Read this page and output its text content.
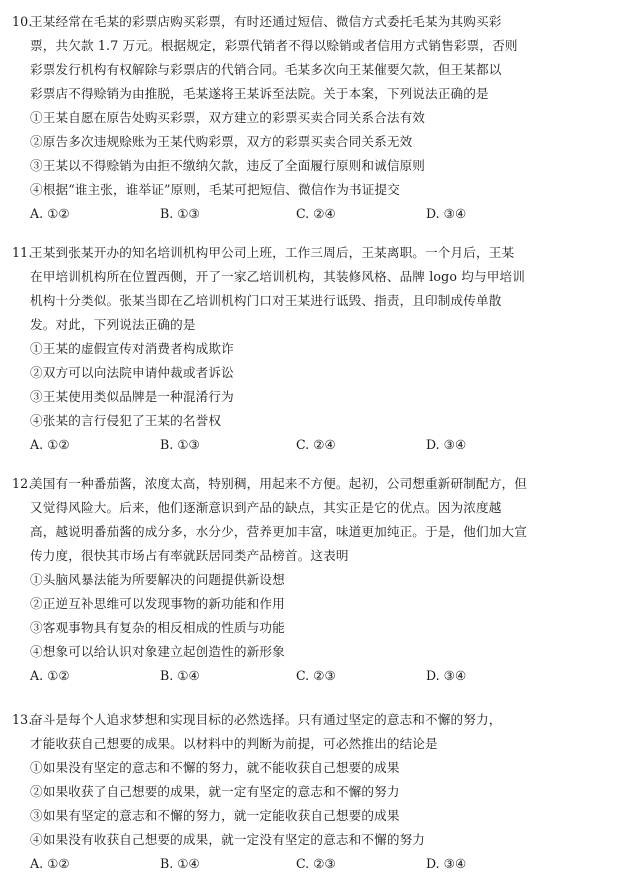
10.王某经常在毛某的彩票店购买彩票，有时还通过短信、微信方式委托毛某为其购买彩
票，共欠款 1.7 万元。根据规定，彩票代销者不得以赊销或者信用方式销售彩票，否则
彩票发行机构有权解除与彩票店的代销合同。毛某多次向王某催要欠款，但王某都以
彩票店不得赊销为由推脱，毛某遂将王某诉至法院。关于本案，下列说法正确的是
①王某自愿在原告处购买彩票，双方建立的彩票买卖合同关系合法有效
②原告多次违规赊账为王某代购彩票，双方的彩票买卖合同关系无效
③王某以不得赊销为由拒不缴纳欠款，违反了全面履行原则和诚信原则
④根据“谁主张，谁举证”原则，毛某可把短信、微信作为书证提交
A. ①②	B. ①③	C. ②④	D. ③④
11.王某到张某开办的知名培训机构甲公司上班，工作三周后，王某离职。一个月后，王某
在甲培训机构所在位置西侧，开了一家乙培训机构，其装修风格、品牌 logo 均与甲培训
机构十分类似。张某当即在乙培训机构门口对王某进行诋毁、指责，且印制成传单散
发。对此，下列说法正确的是
①王某的虚假宣传对消费者构成欺诈
②双方可以向法院申请仲裁或者诉讼
③王某使用类似品牌是一种混淆行为
④张某的言行侵犯了王某的名誉权
A. ①②	B. ①③	C. ②④	D. ③④
12.美国有一种番茄酱，浓度太高，特别稠，用起来不方便。起初，公司想重新研制配方，但
又觉得风险大。后来，他们逐渐意识到产品的缺点，其实正是它的优点。因为浓度越
高，越说明番茄酱的成分多，水分少，营养更加丰富，味道更加纯正。于是，他们加大宣
传力度，很快其市场占有率就跃居同类产品榜首。这表明
①头脑风暴法能为所要解决的问题提供新设想
②正逆互补思维可以发现事物的新功能和作用
③客观事物具有复杂的相反相成的性质与功能
④想象可以给认识对象建立起创造性的新形象
A. ①②	B. ①④	C. ②③	D. ③④
13.奋斗是每个人追求梦想和实现目标的必然选择。只有通过坚定的意志和不懈的努力，
才能收获自己想要的成果。以材料中的判断为前提，可必然推出的结论是
①如果没有坚定的意志和不懈的努力，就不能收获自己想要的成果
②如果收获了自己想要的成果，就一定有坚定的意志和不懈的努力
③如果有坚定的意志和不懈的努力，就一定能收获自己想要的成果
④如果没有收获自己想要的成果，就一定没有坚定的意志和不懈的努力
A. ①②	B. ①④	C. ②③	D. ③④
